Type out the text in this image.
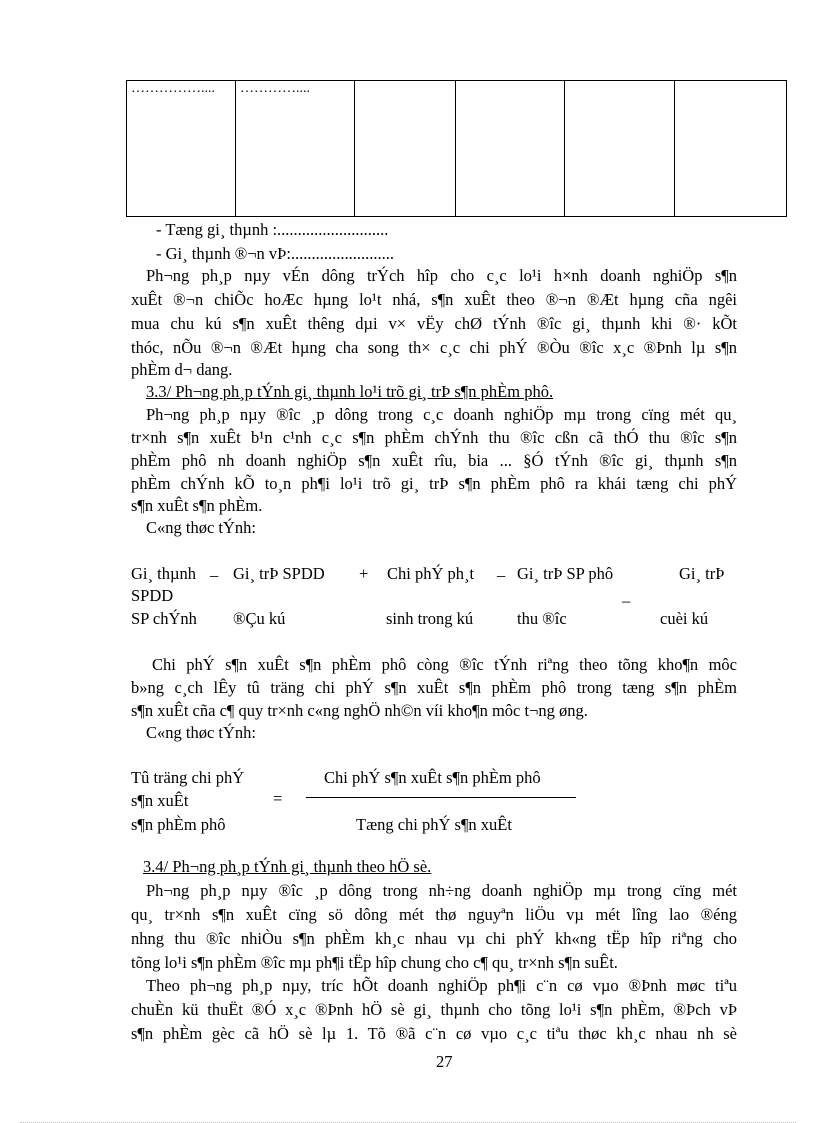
……………....	…………....				
- Tæng gi¸ thµnh :...........................
- Gi¸ thµnh ®¬n vÞ:.........................
Ph¬ng ph¸p nµy vÉn dông trÝch hîp cho c¸c lo¹i h×nh doanh nghiÖp s¶n
xuÊt ®¬n chiÕc hoÆc hµng lo¹t nhá, s¶n xuÊt theo ®¬n ®Æt hµng cña ngêi
mua chu kú s¶n xuÊt thêng dµi v× vËy chØ tÝnh ®îc gi¸ thµnh khi ®· kÕt
thóc, nÕu ®¬n ®Æt hµng cha song th× c¸c chi phÝ ®Òu ®îc x¸c ®Þnh lµ s¶n
phÈm d¬ dang.
3.3/ Ph¬ng ph¸p tÝnh gi¸ thµnh lo¹i trõ gi¸ trÞ s¶n phÈm phô.
Ph¬ng ph¸p nµy ®îc ¸p dông trong c¸c doanh nghiÖp mµ trong cïng mét qu¸
tr×nh s¶n xuÊt b¹n c¹nh c¸c s¶n phÈm chÝnh thu ®îc cßn cã thÓ thu ®îc s¶n
phÈm phô nh doanh nghiÖp s¶n xuÊt rîu, bia ... §Ó tÝnh ®îc gi¸ thµnh s¶n
phÈm chÝnh kÕ to¸n ph¶i lo¹i trõ gi¸ trÞ s¶n phÈm phô ra khái tæng chi phÝ
s¶n xuÊt s¶n phÈm.
C«ng thøc tÝnh:
Gi¸ thµnh _ Gi¸ trÞ SPDD + Chi phÝ ph¸t _ Gi¸ trÞ SP phô	Gi¸ trÞ
SPDD
SP chÝnh ®Çu kú	sinh trong kú	thu ®îc
–
cuèi kú
Chi phÝ s¶n xuÊt s¶n phÈm phô còng ®îc tÝnh riªng theo tõng kho¶n môc
b»ng c¸ch lÊy tû träng chi phÝ s¶n xuÊt s¶n phÈm phô trong tæng s¶n phÈm
s¶n xuÊt cña c¶ quy tr×nh c«ng nghÖ nh©n víi kho¶n môc t¬ng øng.
C«ng thøc tÝnh:
Tû träng chi phÝ
s¶n xuÊt
s¶n phÈm phô
=
Chi phÝ s¶n xuÊt s¶n phÈm phô
Tæng chi phÝ s¶n xuÊt
3.4/ Ph¬ng ph¸p tÝnh gi¸ thµnh theo hÖ sè.
Ph¬ng ph¸p nµy ®îc ¸p dông trong nh÷ng doanh nghiÖp mµ trong cïng mét
qu¸ tr×nh s¶n xuÊt cïng sö dông mét thø nguyªn liÖu vµ mét lîng lao ®éng
nhng thu ®îc nhiÒu s¶n phÈm kh¸c nhau vµ chi phÝ kh«ng tËp hîp riªng cho
tõng lo¹i s¶n phÈm ®îc mµ ph¶i tËp hîp chung cho c¶ qu¸ tr×nh s¶n suÊt.
Theo ph¬ng ph¸p nµy, tríc hÕt doanh nghiÖp ph¶i c¨n cø vµo ®Þnh møc tiªu
chuÈn kü thuËt ®Ó x¸c ®Þnh hÖ sè gi¸ thµnh cho tõng lo¹i s¶n phÈm, ®Þch vÞ
s¶n phÈm gèc cã hÖ sè lµ 1. Tõ ®ã c¨n cø vµo c¸c tiªu thøc kh¸c nhau nh sè
27
